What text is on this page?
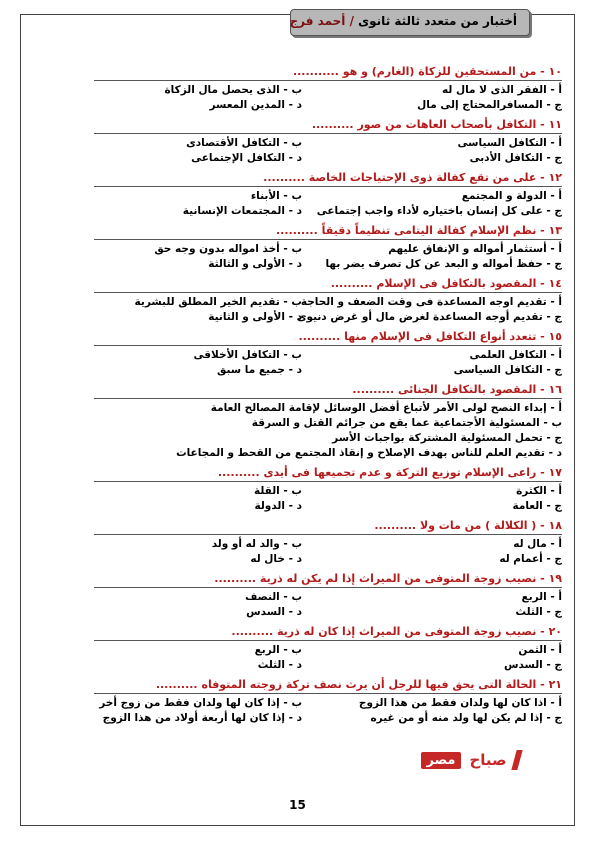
أختبار من متعدد ثالثة ثانوى / أحمد فرج
١٠ - من المستحقين للزكاة (الغارم) و هو ...........
أ - الفقر الذى لا مال له
ب - الذى يحصل مال الزكاة
ج - المسافرالمحتاج إلى مال
د - المدين المعسر
١١ - التكافل بأصحاب العاهات من صور ..........
أ - التكافل السياسى
ب - التكافل الأقتصادى
ج - التكافل الأدبى
د - التكافل الإجتماعى
١٢ - على من تقع كفالة ذوى الإحتياجات الخاصة ..........
أ - الدولة و المجتمع
ب - الأبناء
ج - على كل إنسان باختياره لأداء واجب إجتماعى
د - المجتمعات الإنسانية
١٣ - نظم الإسلام كفالة اليتامى تنظيماً دقيقاً ..........
أ - أستثمار أمواله و الإنفاق عليهم
ب - أخذ امواله بدون وجه حق
ج - حفظ أمواله و البعد عن كل تصرف يضر بها
د - الأولى و الثالثة
١٤ - المقصود بالتكافل فى الإسلام ..........
أ - تقديم اوجه المساعدة فى وقت الضعف و الحاجة
ب - تقديم الخير المطلق للبشرية
ج - تقديم أوجه المساعدة لغرض مال أو غرض دنيوى
د - الأولى و الثانية
١٥ - تتعدد أنواع التكافل فى الإسلام منها ..........
أ - التكافل العلمى
ب - التكافل الأخلاقى
ج - التكافل السياسى
د - جميع ما سبق
١٦ - المقصود بالتكافل الجنائى ..........
أ - إبداء النصح لولى الأمر لأتباع أفضل الوسائل لإقامة المصالح العامة
ب - المسئولية الأجتماعية عما يقع من جرائم القتل و السرقة
ج - تحمل المسئولية المشتركة بواجبات الأسر
د - تقديم العلم للناس بهدف الإصلاح و إنقاذ المجتمع من القحط و المجاعات
١٧ - راعى الإسلام توزيع التركة و عدم تجميعها فى أيدى ..........
أ - الكثرة
ب - القلة
ج - العامة
د - الدولة
١٨ - ( الكلالة ) من مات ولا ..........
أ - مال له
ب - والد له أو ولد
ج - أعمام له
د - خال له
١٩ - نصيب زوجة المتوفى من الميراث إذا لم يكن له ذرية ..........
أ - الربع
ب - النصف
ج - الثلث
د - السدس
٢٠ - نصيب زوجة المتوفى من الميراث إذا كان له ذرية ..........
أ - الثمن
ب - الربع
ج - السدس
د - الثلث
٢١ - الحالة التى يحق فيها للرجل أن يرث نصف تركة زوجته المتوفاه ..........
أ - اذا كان لها ولدان فقط من هذا الزوج
ب - إذا كان لها ولدان فقط من زوج أخر
ج - إذا لم يكن لها ولد منه أو من غيره
د - إذا كان لها أربعة أولاد من هذا الزوج
صباح
مصر
15
